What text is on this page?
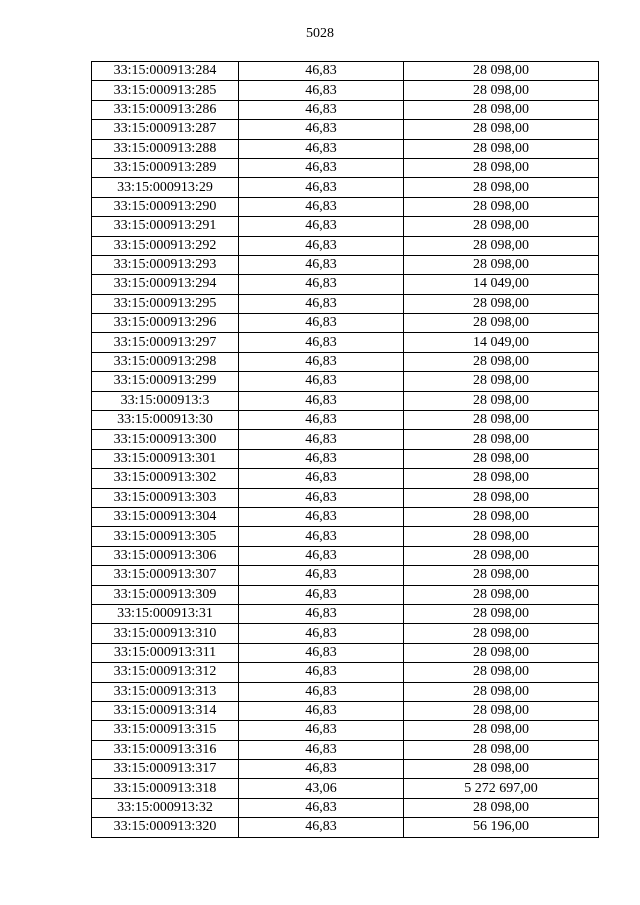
5028
33:15:000913:284	46,83	28 098,00
33:15:000913:285	46,83	28 098,00
33:15:000913:286	46,83	28 098,00
33:15:000913:287	46,83	28 098,00
33:15:000913:288	46,83	28 098,00
33:15:000913:289	46,83	28 098,00
33:15:000913:29	46,83	28 098,00
33:15:000913:290	46,83	28 098,00
33:15:000913:291	46,83	28 098,00
33:15:000913:292	46,83	28 098,00
33:15:000913:293	46,83	28 098,00
33:15:000913:294	46,83	14 049,00
33:15:000913:295	46,83	28 098,00
33:15:000913:296	46,83	28 098,00
33:15:000913:297	46,83	14 049,00
33:15:000913:298	46,83	28 098,00
33:15:000913:299	46,83	28 098,00
33:15:000913:3	46,83	28 098,00
33:15:000913:30	46,83	28 098,00
33:15:000913:300	46,83	28 098,00
33:15:000913:301	46,83	28 098,00
33:15:000913:302	46,83	28 098,00
33:15:000913:303	46,83	28 098,00
33:15:000913:304	46,83	28 098,00
33:15:000913:305	46,83	28 098,00
33:15:000913:306	46,83	28 098,00
33:15:000913:307	46,83	28 098,00
33:15:000913:309	46,83	28 098,00
33:15:000913:31	46,83	28 098,00
33:15:000913:310	46,83	28 098,00
33:15:000913:311	46,83	28 098,00
33:15:000913:312	46,83	28 098,00
33:15:000913:313	46,83	28 098,00
33:15:000913:314	46,83	28 098,00
33:15:000913:315	46,83	28 098,00
33:15:000913:316	46,83	28 098,00
33:15:000913:317	46,83	28 098,00
33:15:000913:318	43,06	5 272 697,00
33:15:000913:32	46,83	28 098,00
33:15:000913:320	46,83	56 196,00
